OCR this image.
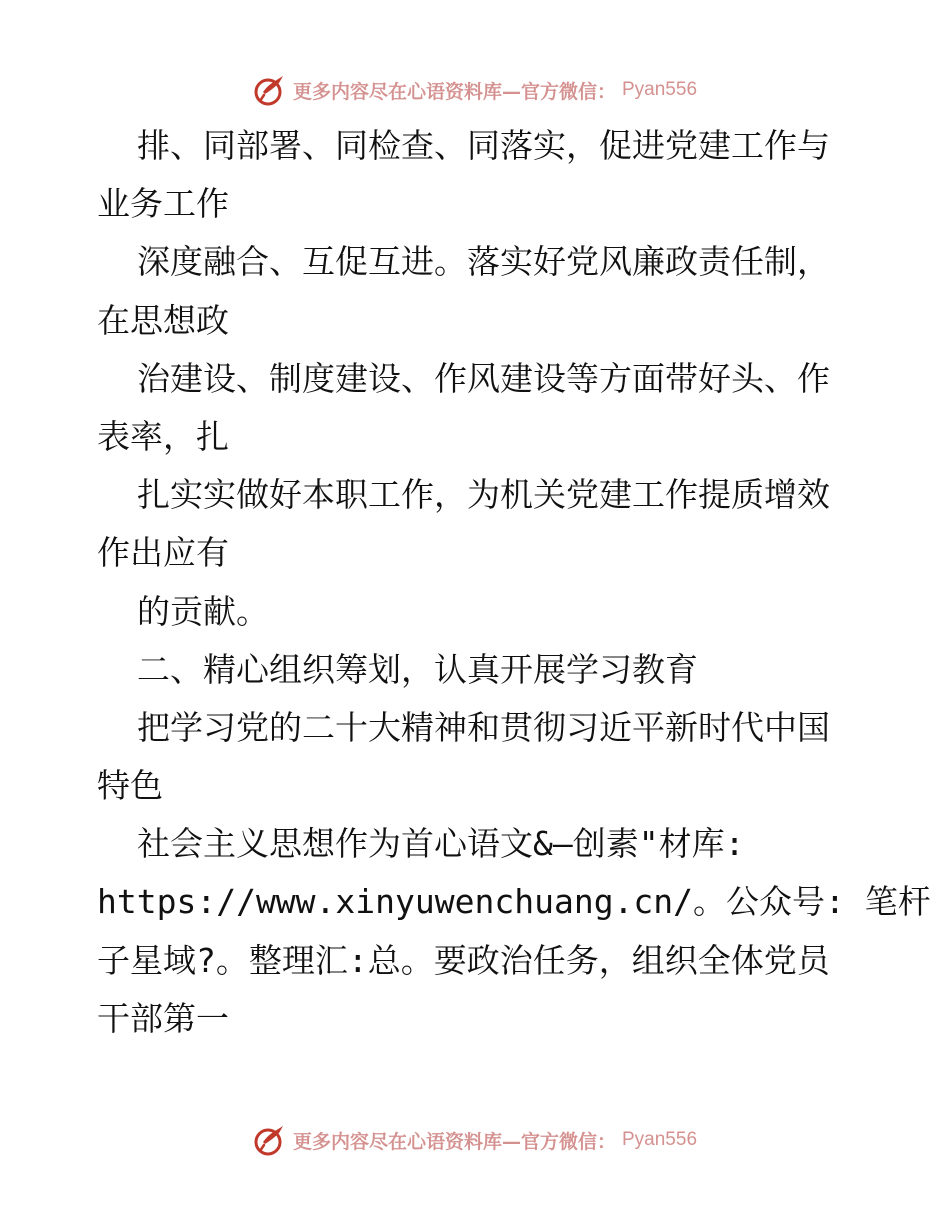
更多内容尽在心语资料库—官方微信： Pyan556
排、同部署、同检查、同落实，促进党建工作与
业务工作
深度融合、互促互进。落实好党风廉政责任制，
在思想政
治建设、制度建设、作风建设等方面带好头、作
表率，扎
扎实实做好本职工作，为机关党建工作提质增效
作出应有
的贡献。
二、精心组织筹划，认真开展学习教育
把学习党的二十大精神和贯彻习近平新时代中国
特色
社会主义思想作为首心语文&—创素"材库:
https://www.xinyuwenchuang.cn/。公众号: 笔杆
子星域?。整理汇:总。要政治任务，组织全体党员
干部第一
更多内容尽在心语资料库—官方微信： Pyan556
